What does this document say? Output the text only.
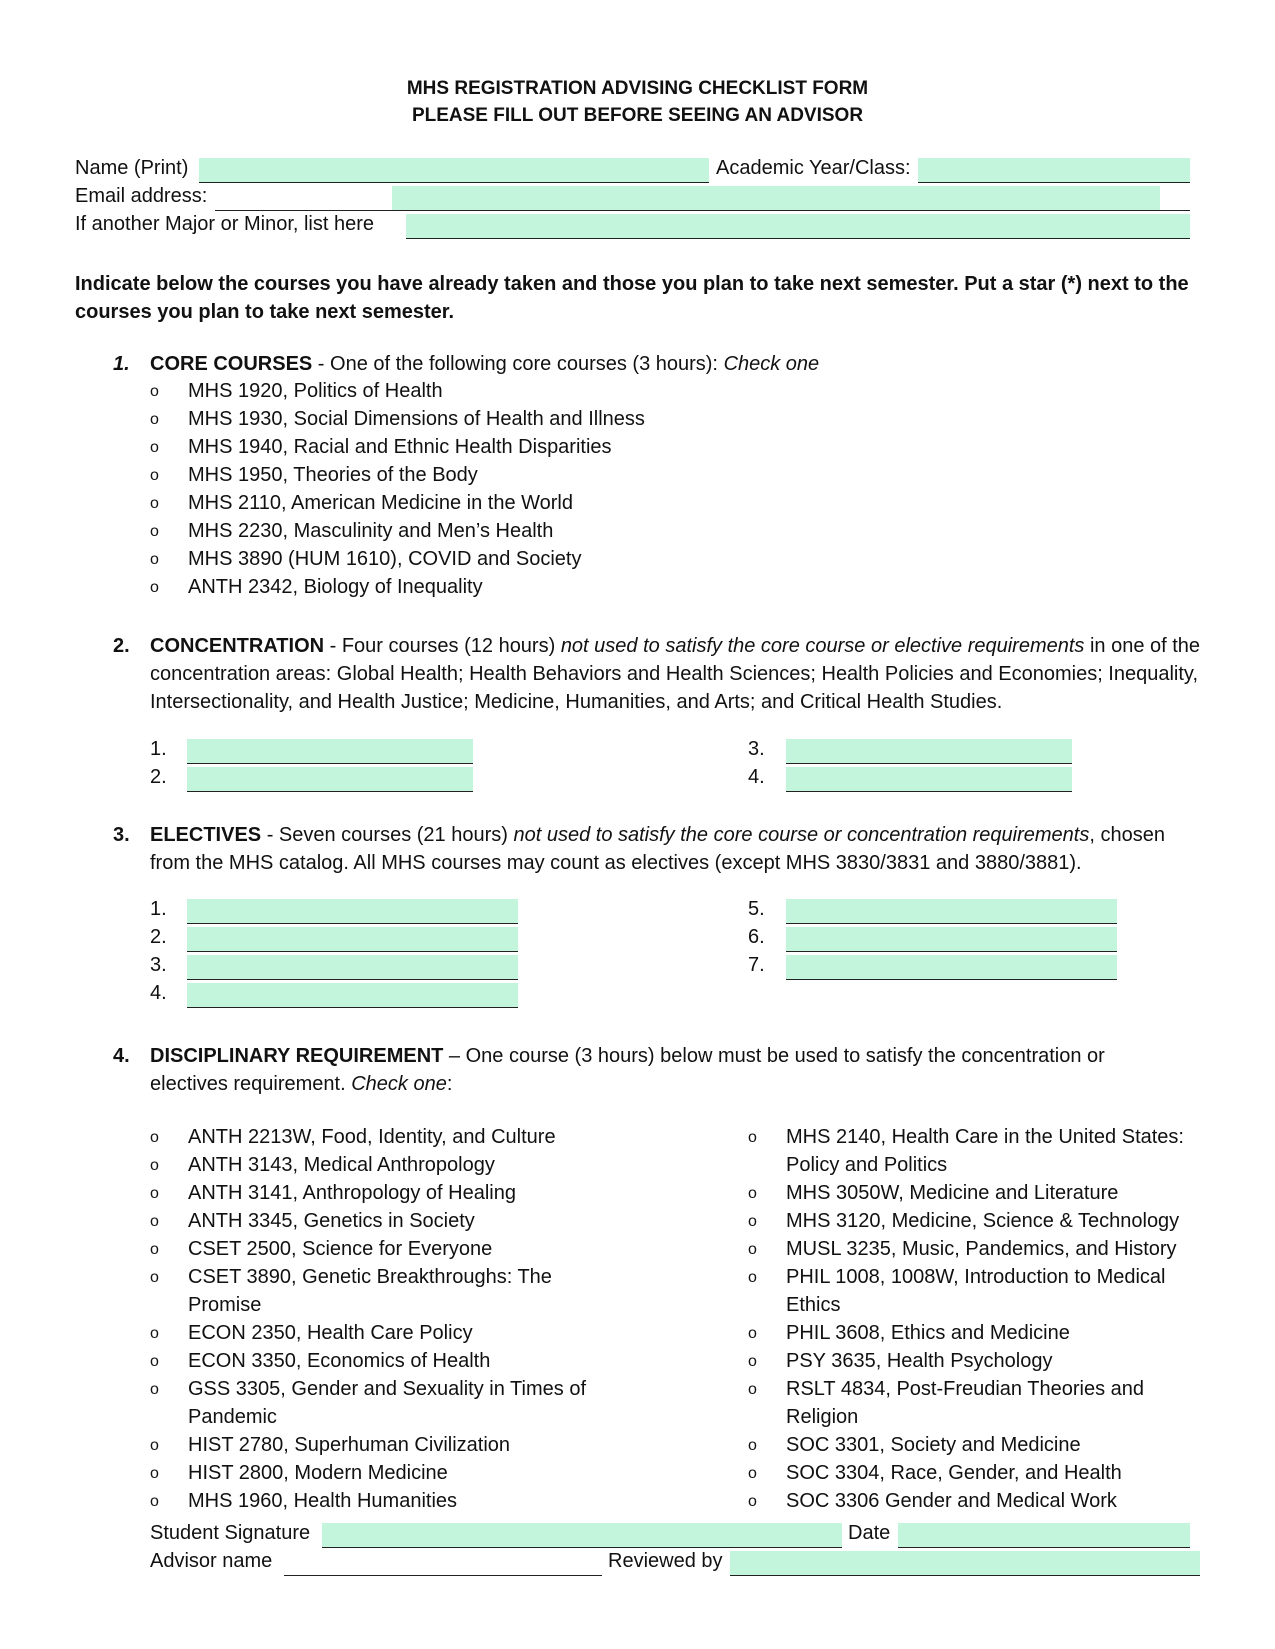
MHS REGISTRATION ADVISING CHECKLIST FORM
PLEASE FILL OUT BEFORE SEEING AN ADVISOR
Name (Print)	Academic Year/Class:
Email address:
If another Major or Minor, list here
Indicate below the courses you have already taken and those you plan to take next semester. Put a star (*) next to the courses you plan to take next semester.
1. CORE COURSES - One of the following core courses (3 hours): Check one
2. CONCENTRATION - Four courses (12 hours) not used to satisfy the core course or elective requirements in one of the concentration areas: Global Health; Health Behaviors and Health Sciences; Health Policies and Economies; Inequality, Intersectionality, and Health Justice; Medicine, Humanities, and Arts; and Critical Health Studies.
3. ELECTIVES - Seven courses (21 hours) not used to satisfy the core course or concentration requirements, chosen from the MHS catalog. All MHS courses may count as electives (except MHS 3830/3831 and 3880/3881).
4. DISCIPLINARY REQUIREMENT – One course (3 hours) below must be used to satisfy the concentration or electives requirement. Check one:
Student Signature	Date
Advisor name	Reviewed by
o MHS 1920, Politics of Health
o MHS 1930, Social Dimensions of Health and Illness
o MHS 1940, Racial and Ethnic Health Disparities
o MHS 1950, Theories of the Body
o MHS 2110, American Medicine in the World
o MHS 2230, Masculinity and Men’s Health
o MHS 3890 (HUM 1610), COVID and Society
o ANTH 2342, Biology of Inequality
1.
2.
3.
4.
1.
2.
3.
4.
5.
6.
7.
o ANTH 2213W, Food, Identity, and Culture
o ANTH 3143, Medical Anthropology
o ANTH 3141, Anthropology of Healing
o ANTH 3345, Genetics in Society
o CSET 2500, Science for Everyone
o CSET 3890, Genetic Breakthroughs: The
Promise
o ECON 2350, Health Care Policy
o ECON 3350, Economics of Health
o GSS 3305, Gender and Sexuality in Times of
Pandemic
o HIST 2780, Superhuman Civilization
o HIST 2800, Modern Medicine
o MHS 1960, Health Humanities
o MHS 2140, Health Care in the United States:
Policy and Politics
o MHS 3050W, Medicine and Literature
o MHS 3120, Medicine, Science & Technology
o MUSL 3235, Music, Pandemics, and History
o PHIL 1008, 1008W, Introduction to Medical
Ethics
o PHIL 3608, Ethics and Medicine
o PSY 3635, Health Psychology
o RSLT 4834, Post-Freudian Theories and
Religion
o SOC 3301, Society and Medicine
o SOC 3304, Race, Gender, and Health
o SOC 3306 Gender and Medical Work
